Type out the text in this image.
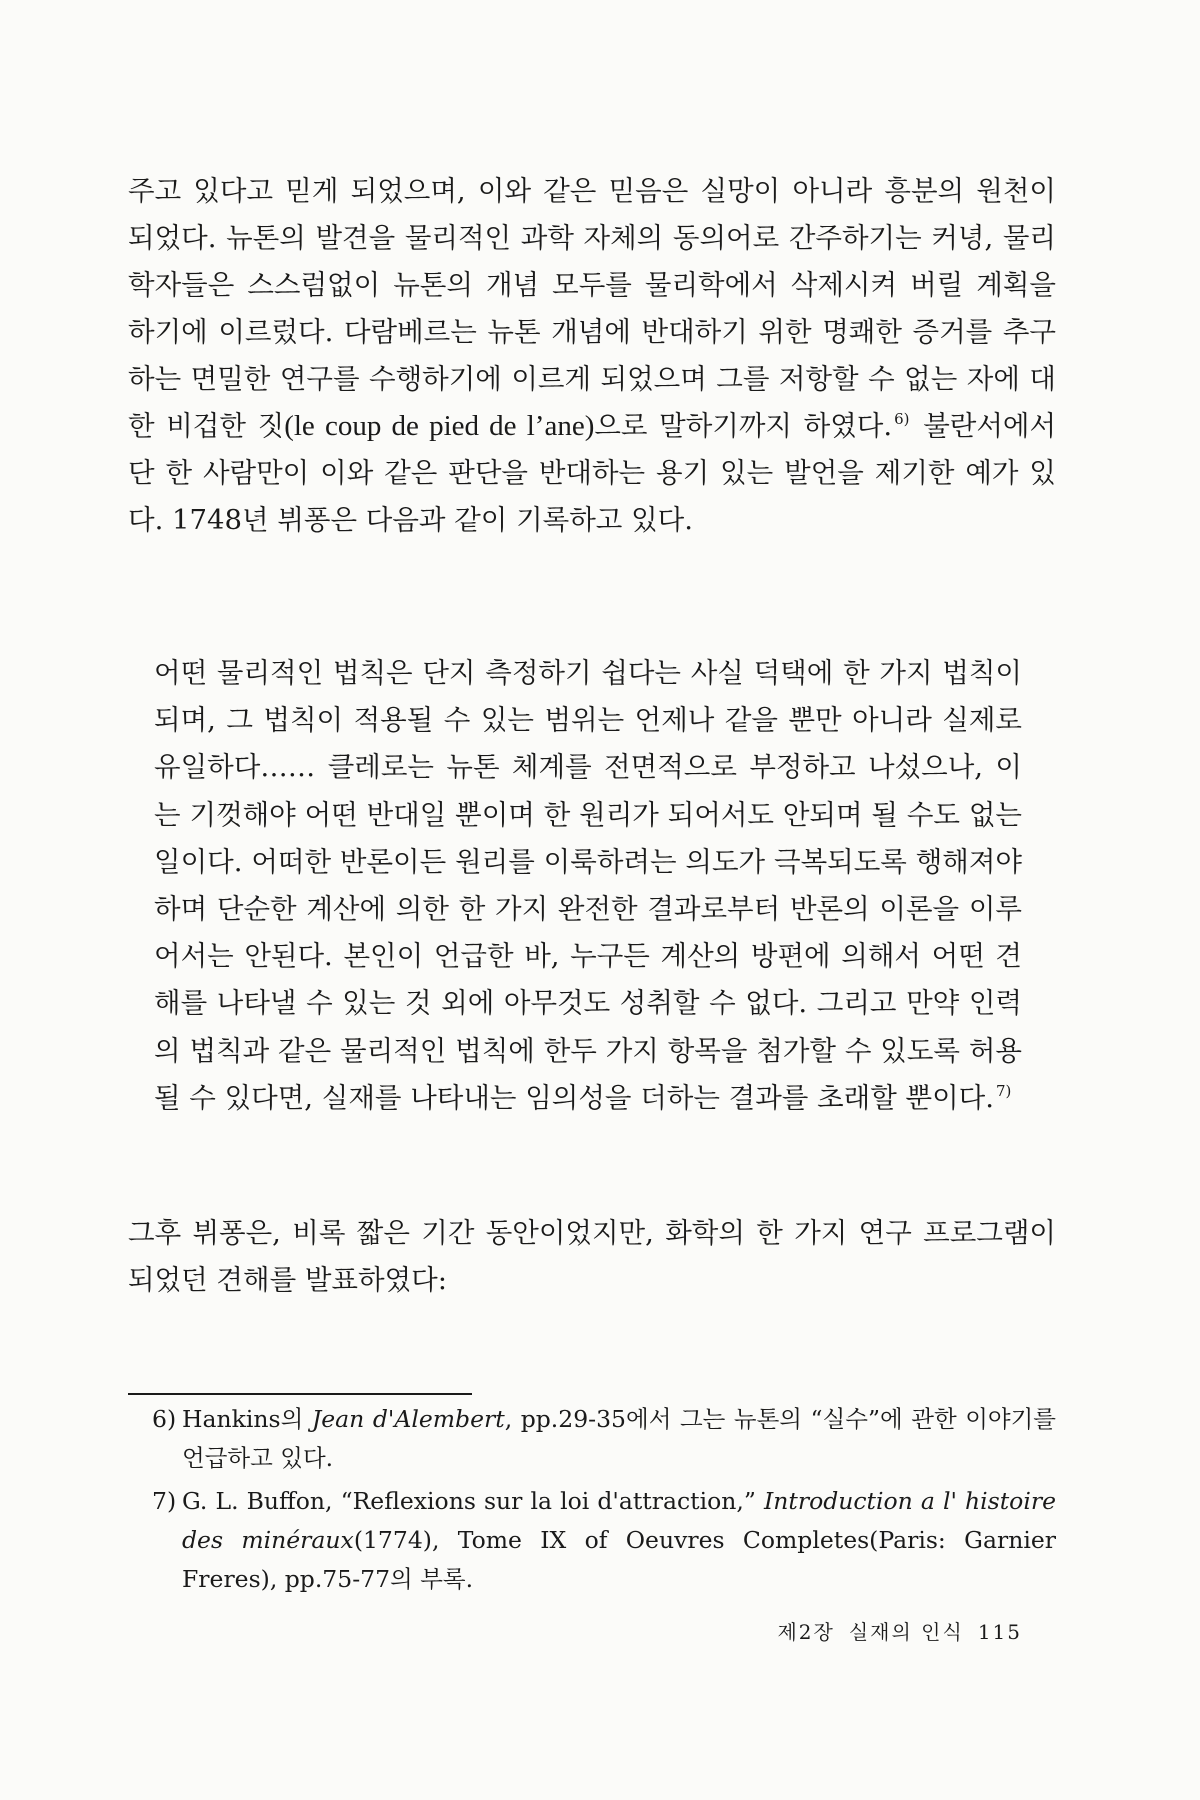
주고 있다고 믿게 되었으며, 이와 같은 믿음은 실망이 아니라 흥분의 원천이 되었다. 뉴톤의 발견을 물리적인 과학 자체의 동의어로 간주하기는 커녕, 물리학자들은 스스럼없이 뉴톤의 개념 모두를 물리학에서 삭제시켜 버릴 계획을 하기에 이르렀다. 다람베르는 뉴톤 개념에 반대하기 위한 명쾌한 증거를 추구하는 면밀한 연구를 수행하기에 이르게 되었으며 그를 저항할 수 없는 자에 대한 비겁한 짓(le coup de pied de l’ane)으로 말하기까지 하였다. $^{6)}$ 불란서에서 단 한 사람만이 이와 같은 판단을 반대하는 용기 있는 발언을 제기한 예가 있다. 1748년 뷔퐁은 다음과 같이 기록하고 있다.
어떤 물리적인 법칙은 단지 측정하기 쉽다는 사실 덕택에 한 가지 법칙이 되며, 그 법칙이 적용될 수 있는 범위는 언제나 같을 뿐만 아니라 실제로 유일하다…… 클레로는 뉴톤 체계를 전면적으로 부정하고 나섰으나, 이는 기껏해야 어떤 반대일 뿐이며 한 원리가 되어서도 안되며 될 수도 없는 일이다. 어떠한 반론이든 원리를 이룩하려는 의도가 극복되도록 행해져야 하며 단순한 계산에 의한 한 가지 완전한 결과로부터 반론의 이론을 이루어서는 안된다. 본인이 언급한 바, 누구든 계산의 방편에 의해서 어떤 견해를 나타낼 수 있는 것 외에 아무것도 성취할 수 없다. 그리고 만약 인력의 법칙과 같은 물리적인 법칙에 한두 가지 항목을 첨가할 수 있도록 허용될 수 있다면, 실재를 나타내는 임의성을 더하는 결과를 초래할 뿐이다. $^{7)}$
그후 뷔퐁은, 비록 짧은 기간 동안이었지만, 화학의 한 가지 연구 프로그램이 되었던 견해를 발표하였다:
6) Hankins의 Jean d'Alembert, pp.29-35에서 그는 뉴톤의 “실수”에 관한 이야기를 언급하고 있다.
7) G. L. Buffon, “Reflexions sur la loi d'attraction,” Introduction a l' histoire des minéraux(1774), Tome IX of Oeuvres Completes(Paris: Garnier Freres), pp.75-77의 부록.
제2장 실재의 인식 115
